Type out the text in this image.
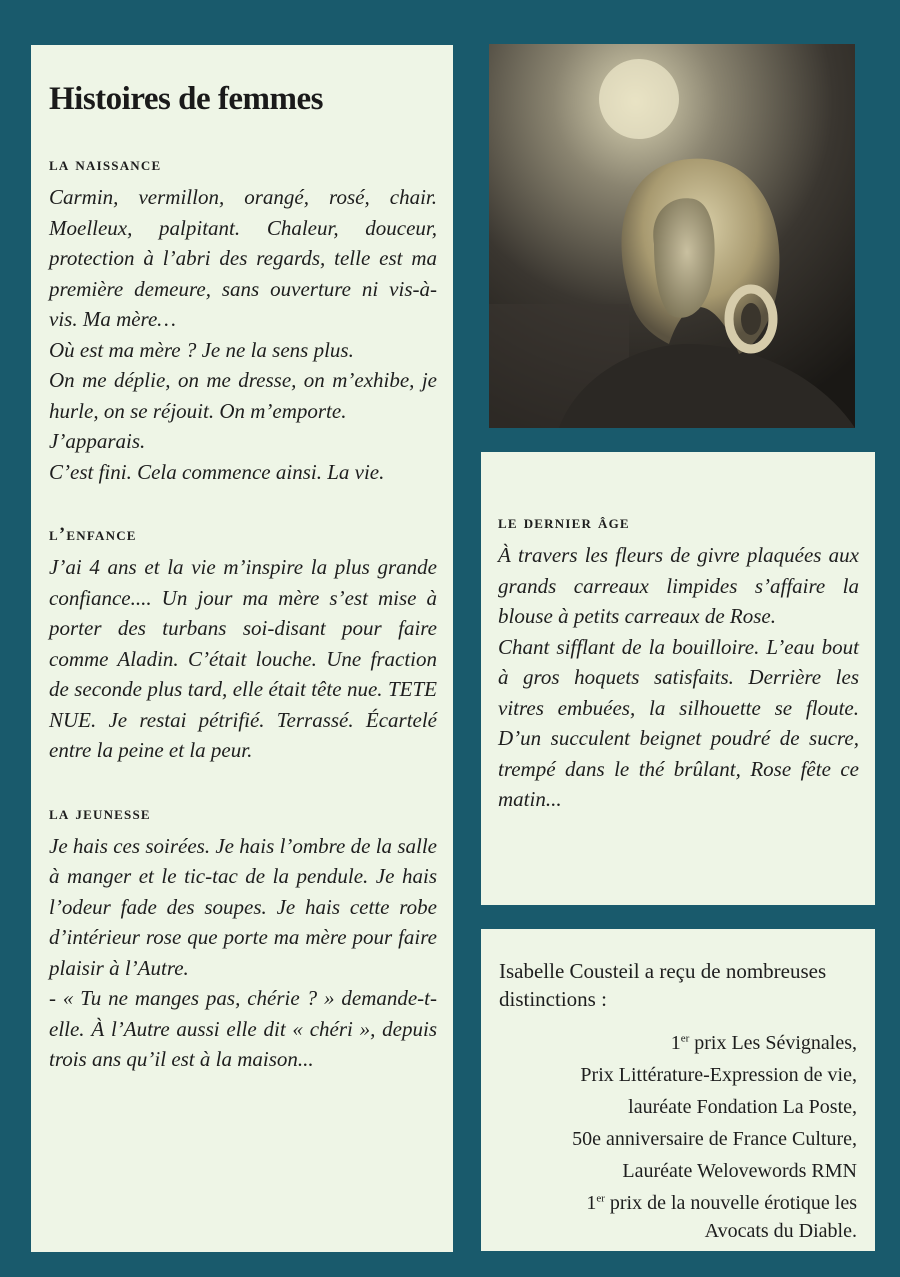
Histoires de femmes
la naissance

Carmin, vermillon, orangé, rosé, chair. Moelleux, palpitant. Chaleur, douceur, protection à l’abri des regards, telle est ma première demeure, sans ouverture ni vis-à-vis. Ma mère…
Où est ma mère ? Je ne la sens plus.
On me déplie, on me dresse, on m’exhibe, je hurle, on se réjouit. On m’emporte.
J’apparais.
C’est fini. Cela commence ainsi. La vie.

l’enfance

J’ai 4 ans et la vie m’inspire la plus grande confiance.... Un jour ma mère s’est mise à porter des turbans soi-disant pour faire comme Aladin. C’était louche. Une fraction de seconde plus tard, elle était tête nue. TETE NUE. Je restai pétrifié. Terrassé. Écartelé entre la peine et la peur.

la jeunesse

Je hais ces soirées. Je hais l’ombre de la salle à manger et le tic-tac de la pendule. Je hais l’odeur fade des soupes. Je hais cette robe d’intérieur rose que porte ma mère pour faire plaisir à l’Autre.
- « Tu ne manges pas, chérie ? » demande-t-elle. À l’Autre aussi elle dit « chéri », depuis trois ans qu’il est à la maison...

le dernier âge

À travers les fleurs de givre plaquées aux grands carreaux limpides s’affaire la blouse à petits carreaux de Rose.
Chant sifflant de la bouilloire. L’eau bout à gros hoquets satisfaits. Derrière les vitres embuées, la silhouette se floute. D’un succulent beignet poudré de sucre, trempé dans le thé brûlant, Rose fête ce matin...

Isabelle Cousteil a reçu de nombreuses distinctions :

1er prix Les Sévignales,
Prix Littérature-Expression de vie,
lauréate Fondation La Poste,
50e anniversaire de France Culture,
Lauréate Welovewords RMN
1er prix de la nouvelle érotique les
Avocats du Diable.
